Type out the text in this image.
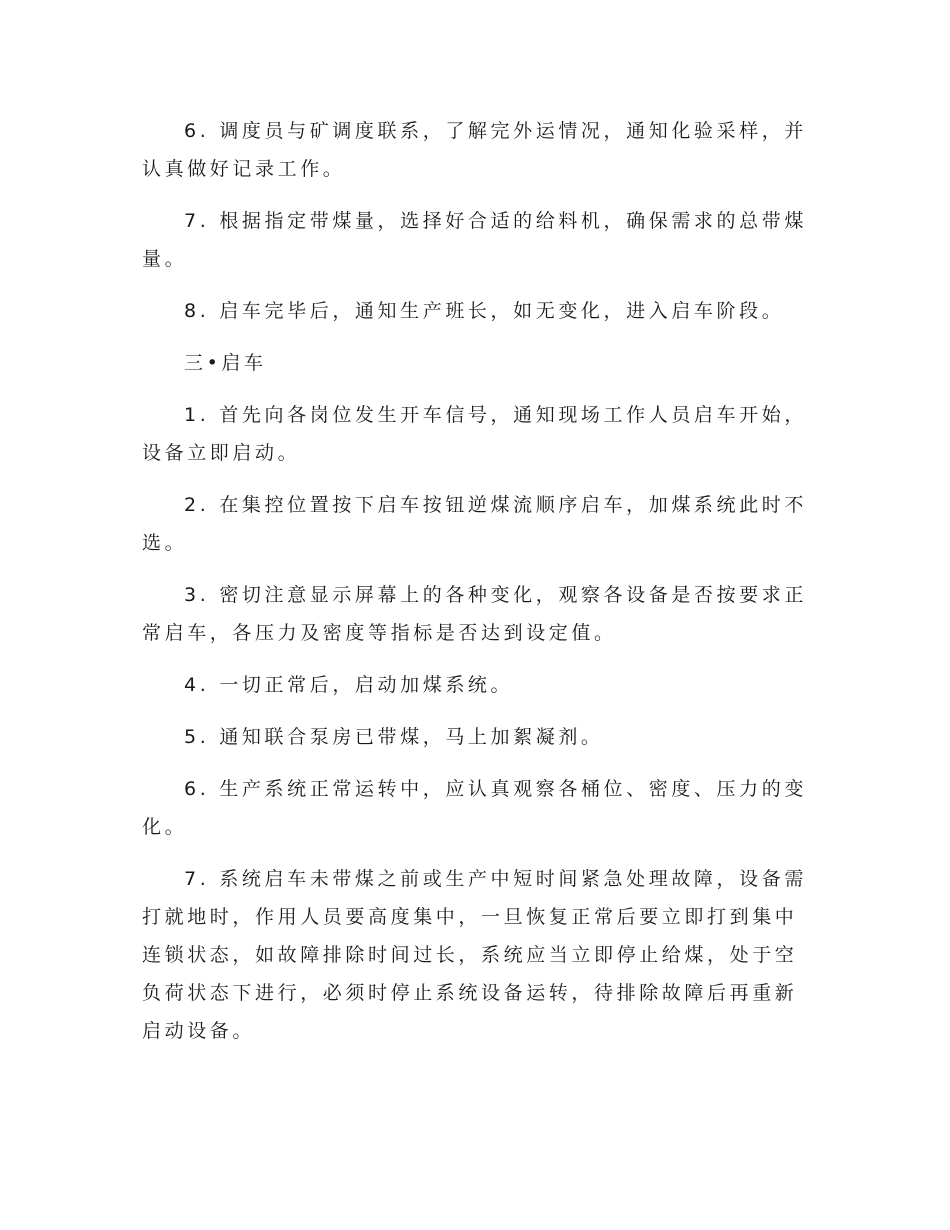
6. 调度员与矿调度联系，了解完外运情况，通知化验采样，并认真做好记录工作。

7. 根据指定带煤量，选择好合适的给料机，确保需求的总带煤量。

8. 启车完毕后，通知生产班长，如无变化，进入启车阶段。

三•启车

1. 首先向各岗位发生开车信号，通知现场工作人员启车开始，设备立即启动。

2. 在集控位置按下启车按钮逆煤流顺序启车，加煤系统此时不选。

3. 密切注意显示屏幕上的各种变化，观察各设备是否按要求正常启车，各压力及密度等指标是否达到设定值。

4. 一切正常后，启动加煤系统。

5. 通知联合泵房已带煤，马上加絮凝剂。

6. 生产系统正常运转中，应认真观察各桶位、密度、压力的变化。

7. 系统启车未带煤之前或生产中短时间紧急处理故障，设备需打就地时，作用人员要高度集中，一旦恢复正常后要立即打到集中连锁状态，如故障排除时间过长，系统应当立即停止给煤，处于空负荷状态下进行，必须时停止系统设备运转，待排除故障后再重新启动设备。
